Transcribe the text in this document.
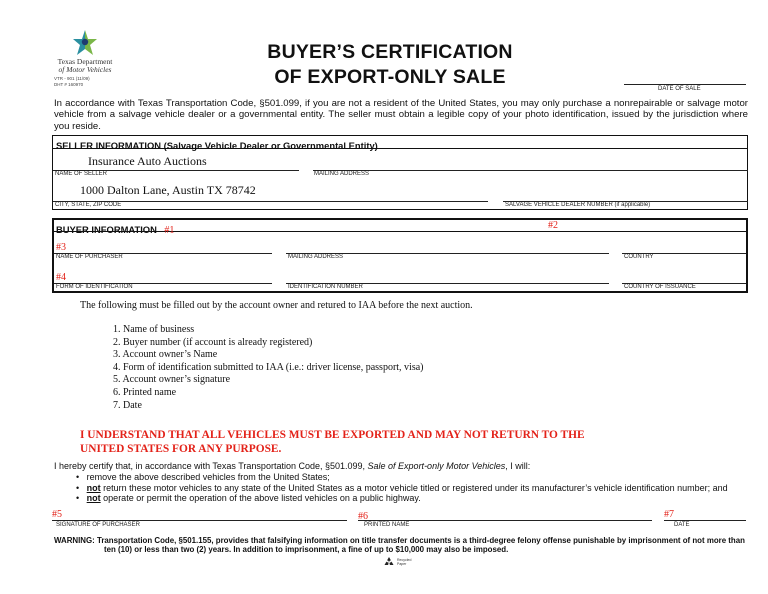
Texas Department
of Motor Vehicles
VTR - 901 (11/09)
DHT # 160970
BUYER’S CERTIFICATION
OF EXPORT-ONLY SALE
DATE OF SALE
In accordance with Texas Transportation Code, §501.099, if you are not a resident of the United States, you may only purchase a nonrepairable or salvage motor vehicle from a salvage vehicle dealer or a governmental entity. The seller must obtain a legible copy of your photo identification, issued by the jurisdiction where you reside.
SELLER INFORMATION (Salvage Vehicle Dealer or Governmental Entity)
Insurance Auto Auctions
NAME OF SELLER	MAILING ADDRESS
1000 Dalton Lane, Austin TX 78742
CITY, STATE, ZIP CODE	SALVAGE VEHICLE DEALER NUMBER (if applicable)
BUYER INFORMATION #1	#2
#3
NAME OF PURCHASER	MAILING ADDRESS	COUNTRY
#4
FORM OF IDENTIFICATION	IDENTIFICATION NUMBER	COUNTRY OF ISSUANCE
The following must be filled out by the account owner and retured to IAA before the next auction.
1. Name of business
2. Buyer number (if account is already registered)
3. Account owner’s Name
4. Form of identification submitted to IAA (i.e.: driver license, passport, visa)
5. Account owner’s signature
6. Printed name
7. Date
I UNDERSTAND THAT ALL VEHICLES MUST BE EXPORTED AND MAY NOT RETURN TO THE
UNITED STATES FOR ANY PURPOSE.
I hereby certify that, in accordance with Texas Transportation Code, §501.099, Sale of Export-only Motor Vehicles, I will:
•   remove the above described vehicles from the United States;
•   not return these motor vehicles to any state of the United States as a motor vehicle titled or registered under its manufacturer’s vehicle identification number; and
•   not operate or permit the operation of the above listed vehicles on a public highway.
#5	#6	#7
SIGNATURE OF PURCHASER	PRINTED NAME	DATE
WARNING: Transportation Code, §501.155, provides that falsifying information on title transfer documents is a third-degree felony offense punishable by imprisonment of not more than
ten (10) or less than two (2) years. In addition to imprisonment, a fine of up to $10,000 may also be imposed.
Recycled Paper
